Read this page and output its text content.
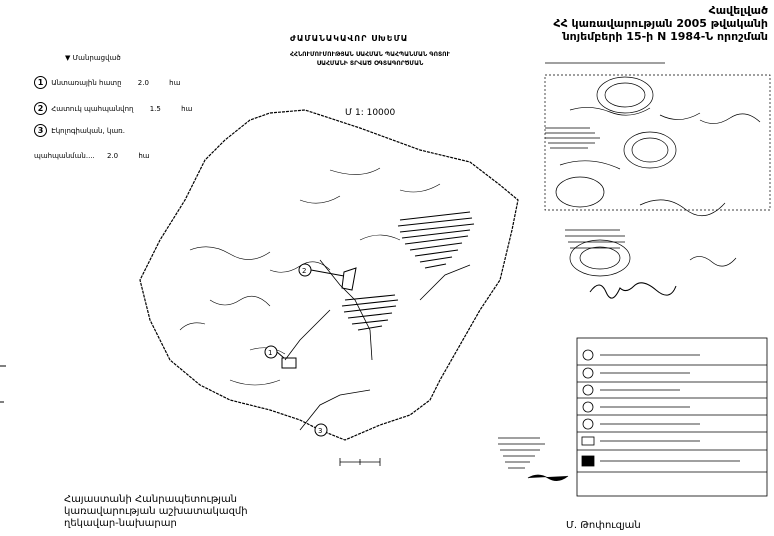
Հավելված
ՀՀ կառավարության 2005 թվականի
նոյեմբերի 15-ի N 1984-Ն որոշման
ԺԱՄԱՆԱԿԱՎՈՐ ՍԽԵՄԱ
ՀՀՆՈՒՄՈՒՄՈՒԹՅԱՆ ՍԱՀՄԱՆ ՊԱՀՊԱՆՄԱՆ ԳՈՏՈՒ
ՍԱՀՄԱՆԻ ՏՐՎԱԾ ՕԳՏԱԳՈՐԾՄԱՆ
Մ 1: 10000
▼ Մանրացված
1 Անտառային հատը 2.0	հա
2 Հատուկ պահպանվող 1.5	հա
3 Էկոլոգիական, կառ.
պահպանման.... 2.0	հա
1
2
3
Հայաստանի Հանրապետության
կառավարության աշխատակազմի
ղեկավար-նախարար	Մ. Թոփուզյան
